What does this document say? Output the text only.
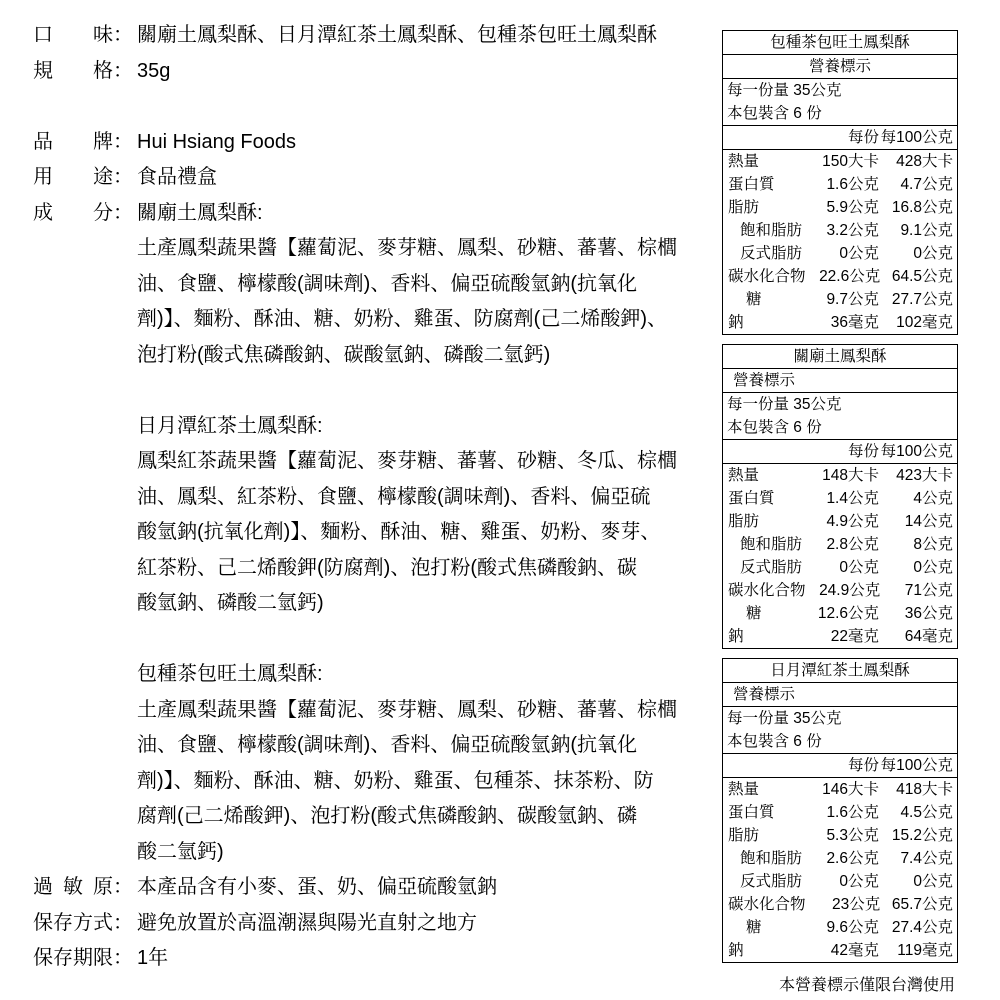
口味： 關廟土鳳梨酥、日月潭紅茶土鳳梨酥、包種茶包旺土鳳梨酥
規格： 35g

品牌： Hui Hsiang Foods
用途： 食品禮盒
成分： 關廟土鳳梨酥:
土產鳳梨蔬果醬【蘿蔔泥、麥芽糖、鳳梨、砂糖、蕃薯、棕櫚
油、食鹽、檸檬酸(調味劑)、香料、偏亞硫酸氫鈉(抗氧化
劑)】、麵粉、酥油、糖、奶粉、雞蛋、防腐劑(己二烯酸鉀)、
泡打粉(酸式焦磷酸鈉、碳酸氫鈉、磷酸二氫鈣)

日月潭紅茶土鳳梨酥:
鳳梨紅茶蔬果醬【蘿蔔泥、麥芽糖、蕃薯、砂糖、冬瓜、棕櫚
油、鳳梨、紅茶粉、食鹽、檸檬酸(調味劑)、香料、偏亞硫
酸氫鈉(抗氧化劑)】、麵粉、酥油、糖、雞蛋、奶粉、麥芽、
紅茶粉、己二烯酸鉀(防腐劑)、泡打粉(酸式焦磷酸鈉、碳
酸氫鈉、磷酸二氫鈣)

包種茶包旺土鳳梨酥:
土產鳳梨蔬果醬【蘿蔔泥、麥芽糖、鳳梨、砂糖、蕃薯、棕櫚
油、食鹽、檸檬酸(調味劑)、香料、偏亞硫酸氫鈉(抗氧化
劑)】、麵粉、酥油、糖、奶粉、雞蛋、包種茶、抹茶粉、防
腐劑(己二烯酸鉀)、泡打粉(酸式焦磷酸鈉、碳酸氫鈉、磷
酸二氫鈣)
過敏原： 本產品含有小麥、蛋、奶、偏亞硫酸氫鈉
保存方式： 避免放置於高溫潮濕與陽光直射之地方
保存期限： 1年
包種茶包旺土鳳梨酥
營養標示
每一份量 35公克
本包裝含 6 份

每份 每100公克
熱量	150大卡	428大卡
蛋白質	1.6公克	4.7公克
脂肪	5.9公克 16.8公克
飽和脂肪	3.2公克	9.1公克
反式脂肪	0公克	0公克
碳水化合物 22.6公克 64.5公克
糖	9.7公克 27.7公克
鈉	36毫克	102毫克
關廟土鳳梨酥
營養標示
每一份量 35公克
本包裝含 6 份

每份 每100公克
熱量	148大卡	423大卡
蛋白質	1.4公克	4公克
脂肪	4.9公克	14公克
飽和脂肪	2.8公克	8公克
反式脂肪	0公克	0公克
碳水化合物 24.9公克	71公克
糖	12.6公克	36公克
鈉	22毫克	64毫克
日月潭紅茶土鳳梨酥
營養標示
每一份量 35公克
本包裝含 6 份

每份 每100公克
熱量	146大卡	418大卡
蛋白質	1.6公克	4.5公克
脂肪	5.3公克 15.2公克
飽和脂肪	2.6公克	7.4公克
反式脂肪	0公克	0公克
碳水化合物	23公克 65.7公克
糖	9.6公克 27.4公克
鈉	42毫克	119毫克
本營養標示僅限台灣使用
